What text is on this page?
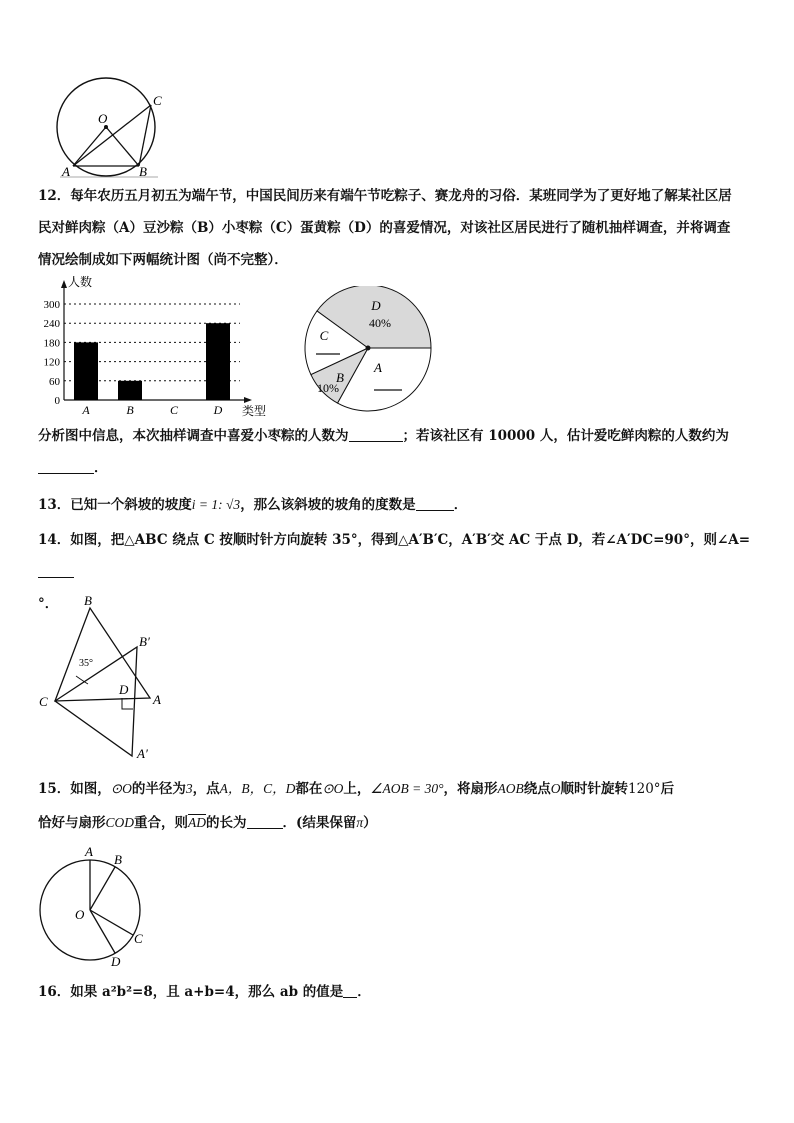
O
C
A	B
12．每年农历五月初五为端午节，中国民间历来有端午节吃粽子、赛龙舟的习俗．某班同学为了更好地了解某社区居
民对鲜肉粽（A）豆沙粽（B）小枣粽（C）蛋黄粽（D）的喜爱情况，对该社区居民进行了随机抽样调查，并将调查
情况绘制成如下两幅统计图（尚不完整）．
0
60
120
180
240
300
人数
类型
A	B	C	D
D
40%
A
B
10%
C
分析图中信息，本次抽样调查中喜爱小枣粽的人数为	；若该社区有 10000 人，估计爱吃鲜肉粽的人数约为
．
13．已知一个斜坡的坡度i = 1: √3，那么该斜坡的坡角的度数是	．
14．如图，把△ABC 绕点 C 按顺时针方向旋转 35°，得到△A′B′C，A′B′交 AC 于点 D，若∠A′DC=90°，则∠A=
°．	B
B′
35°
C
D
A
A′
15．如图，⊙O的半径为3，点A，B，C，D都在⊙O上，∠AOB = 30°，将扇形AOB绕点O顺时针旋转120°后
恰好与扇形COD重合，则$\overline{AD}$的长为	．(结果保留π）
A
B
O
C
D
16．如果 a²b²=8，且 a+b=4，那么 ab 的值是 ．
